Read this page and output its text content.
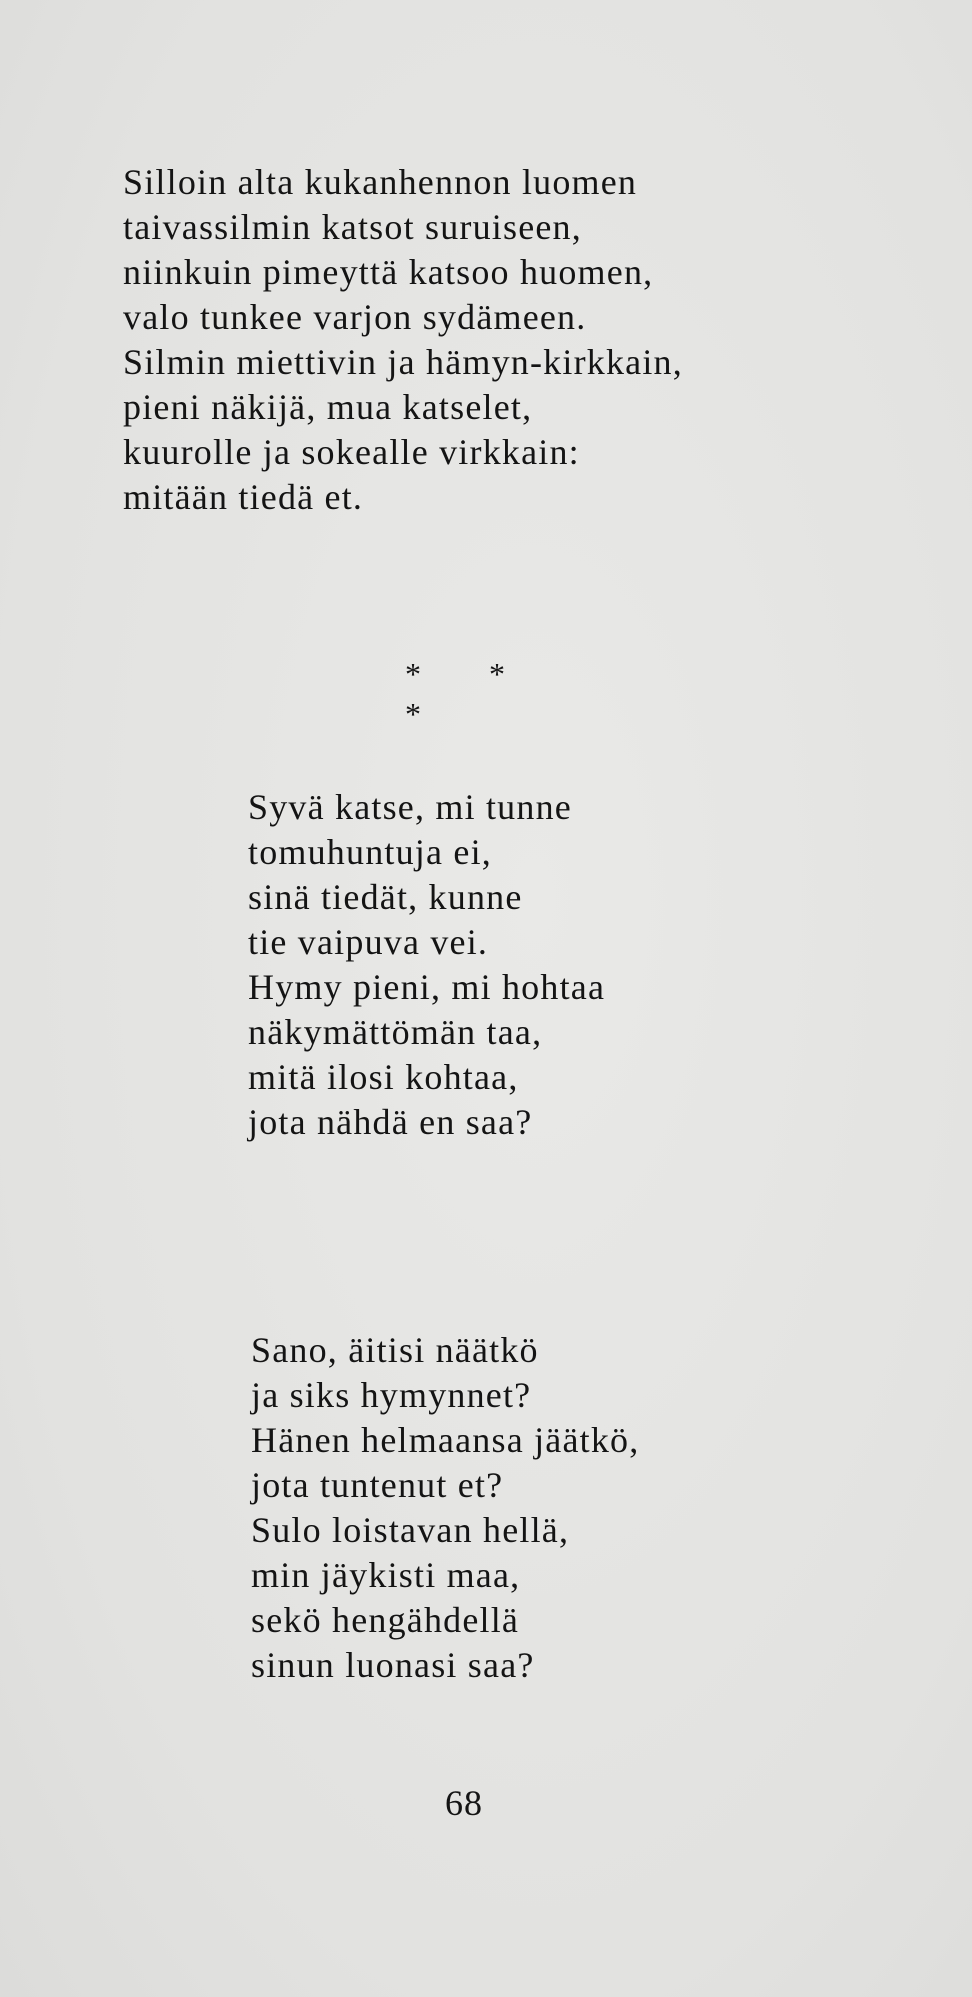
Silloin alta kukanhennon luomen
taivassilmin katsot suruiseen,
niinkuin pimeyttä katsoo huomen,
valo tunkee varjon sydämeen.
Silmin miettivin ja hämyn-kirkkain,
pieni näkijä, mua katselet,
kuurolle ja sokealle virkkain:
mitään tiedä et.
* * *
Syvä katse, mi tunne
tomuhuntuja ei,
sinä tiedät, kunne
tie vaipuva vei.
Hymy pieni, mi hohtaa
näkymättömän taa,
mitä ilosi kohtaa,
jota nähdä en saa?
Sano, äitisi näätkö
ja siks hymynnet?
Hänen helmaansa jäätkö,
jota tuntenut et?
Sulo loistavan hellä,
min jäykisti maa,
sekö hengähdellä
sinun luonasi saa?
68
